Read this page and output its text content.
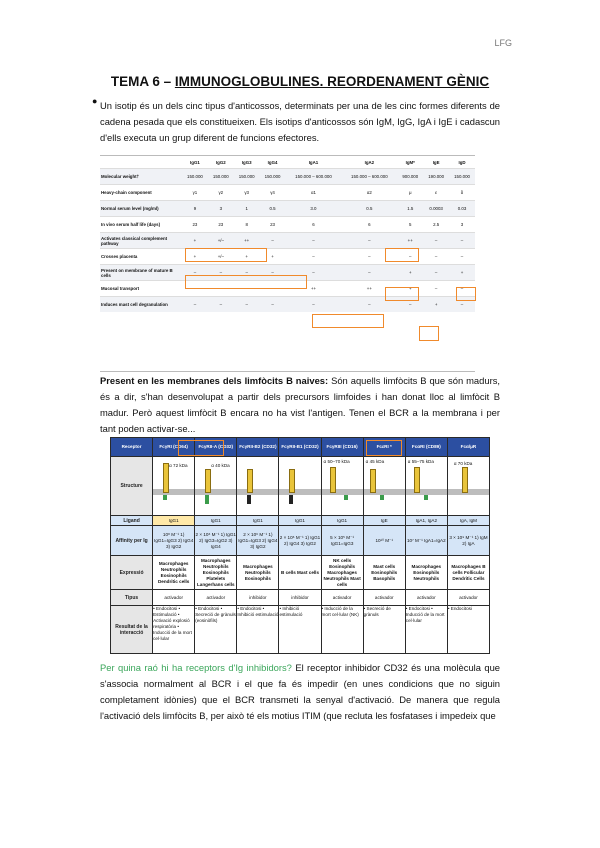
LFG
TEMA 6 – IMMUNOGLOBULINES. REORDENAMENT GÈNIC
● Un isotip és un dels cinc tipus d'anticossos, determinats per una de les cinc formes diferents de cadena pesada que els constitueixen. Els isotips d'anticossos són IgM, IgG, IgA i IgE i cadascun d'ells executa un grup diferent de funcions efectores.
	IgG1	IgG2	IgG3	IgG4	IgA1	IgA2	IgM*	IgE	IgD
Molecular weight†	150.000	150.000	150.000	150.000	150.000 – 600.000	150.000 – 600.000	900.000	190.000	150.000
Heavy-chain component	γ1	γ2	γ3	γ4	α1	α2	μ	ε	δ
Normal serum level (mg/ml)	9	3	1	0.5	3.0	0.5	1.5	0.0003	0.03
In vivo serum half life (days)	23	23	8	23	6	6	5	2.5	3
Activates classical complement pathway	+	+/–	++	–	–	–	++	–	–
Crosses placenta	+	+/–	+	+	–	–	–	–	–
Present on membrane of mature B cells	–	–	–	–	–	–	+	–	+
Mucosal transport	–	–	–	–	++	++	+	–	–
Induces mast cell degranulation	–	–	–	–	–	–	–	+	–
Present en les membranes dels limfòcits B naives: Són aquells limfòcits B que són madurs, és a dir, s'han desenvolupat a partir dels precursors limfoides i han donat lloc al limfòcit B madur. Però aquest limfòcit B encara no ha vist l'antigen. Tenen el BCR a la membrana i per tant poden activar-se...
Receptor	FcγRI (CD64)	FcγRII-A (CD32)	FcγRII-B2 (CD32)	FcγRII-B1 (CD32)	FcγRIII (CD16)	FcεRI *	FcαRI (CD89)	Fcα/μR
Structure	α 72 kDa	α 40 kDa			α 50–70 kDa	α 45 kDa	α 55–75 kDa	α 70 kDa

Ligand	IgG1	IgG1	IgG1	IgG1	IgG1	IgE	IgA1, IgA2	IgA, IgM
Affinity per Ig	10⁸ M⁻¹ 1) IgG1=IgG3 2) IgG4 3) IgG2	2 × 10⁶ M⁻¹ 1) IgG1 2) IgG3=IgG2 3) IgG4	2 × 10⁶ M⁻¹ 1) IgG1=IgG3 2) IgG4 3) IgG2	2 × 10⁶ M⁻¹ 1) IgG1 2) IgG4 3) IgG2	5 × 10⁵ M⁻¹ IgG1=IgG3	10¹⁰ M⁻¹	10⁷ M⁻¹ IgA1=IgA2	3 × 10⁹ M⁻¹ 1) IgM 2) IgA
Expressió	Macrophages Neutrophils Eosinophils Dendritic cells	Macrophages Neutrophils Eosinophils Platelets Langerhans cells	Macrophages Neutrophils Eosinophils	B cells Mast cells	NK cells Eosinophils Macrophages Neutrophils Mast cells	Mast cells Eosinophils Basophils	Macrophages Eosinophils Neutrophils	Macrophages B cells Follicular Dendritic Cells
Tipus	activador	activador	inhibidor	inhibidor	activador	activador	activador	activador
Resultat de la interacció	• Endocitosi • Estimulació • Activació explosió respiratòria • Inducció de la mort cel·lular	• Endocitosi • Secreció de grànuls (eosinòfils)	• Endocitosi • Inhibició estimulació	• Inhibició estimulació	• Inducció de la mort cel·lular (NK)	• Secreció de grànuls	• Endocitosi • Inducció de la mort cel·lular	• Endocitosi
Per quina raó hi ha receptors d'Ig inhibidors? El receptor inhibidor CD32 és una molècula que s'associa normalment al BCR i el que fa és impedir (en unes condicions que no siguin completament idònies) que el BCR transmeti la senyal d'activació. De manera que regula l'activació dels limfòcits B, per això té els motius ITIM (que recluta les fosfatases i impedeix que
